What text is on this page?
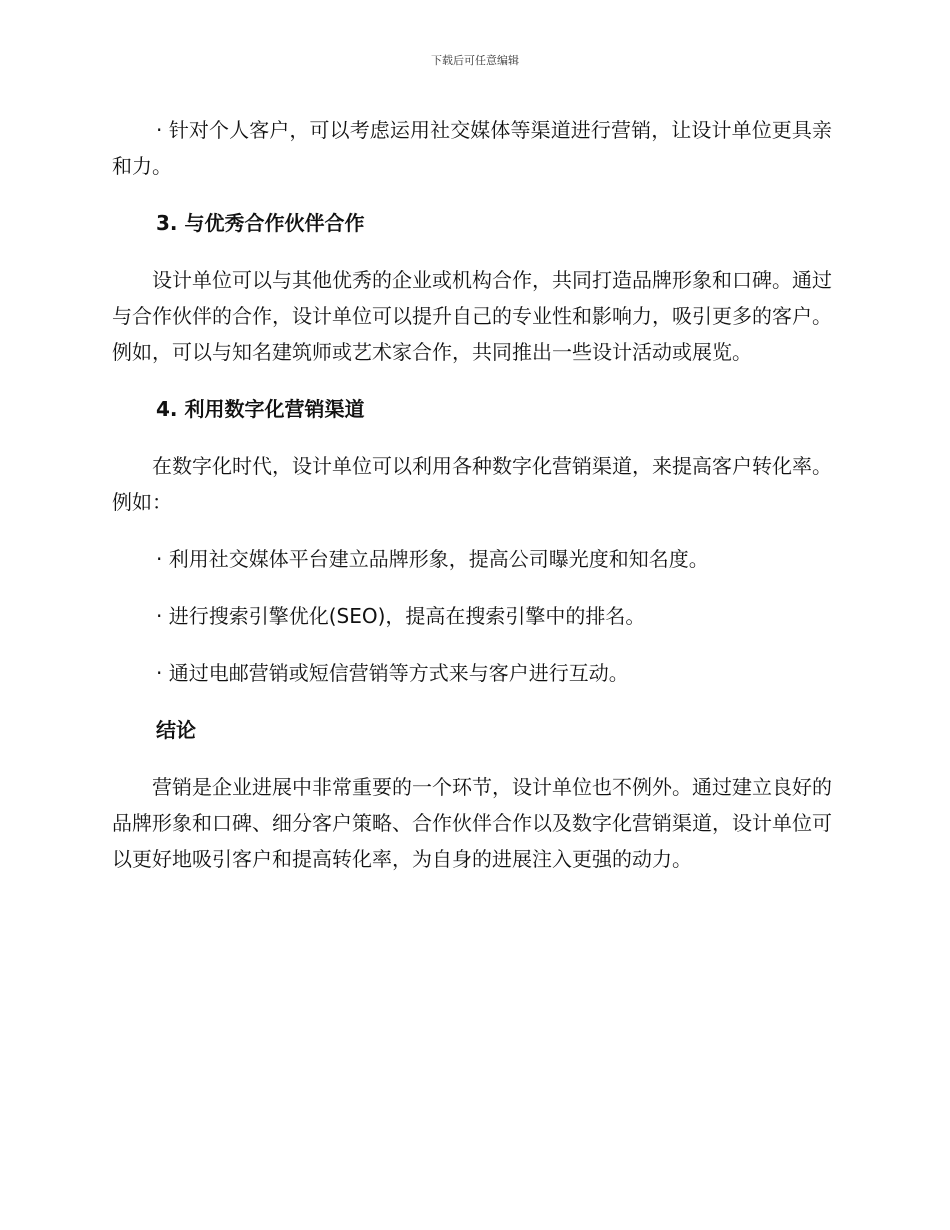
下载后可任意编辑

· 针对个人客户，可以考虑运用社交媒体等渠道进行营销，让设计单位更具亲和力。

3. 与优秀合作伙伴合作

设计单位可以与其他优秀的企业或机构合作，共同打造品牌形象和口碑。通过与合作伙伴的合作，设计单位可以提升自己的专业性和影响力，吸引更多的客户。例如，可以与知名建筑师或艺术家合作，共同推出一些设计活动或展览。

4. 利用数字化营销渠道

在数字化时代，设计单位可以利用各种数字化营销渠道，来提高客户转化率。例如：

· 利用社交媒体平台建立品牌形象，提高公司曝光度和知名度。

· 进行搜索引擎优化(SEO)，提高在搜索引擎中的排名。

· 通过电邮营销或短信营销等方式来与客户进行互动。

结论

营销是企业进展中非常重要的一个环节，设计单位也不例外。通过建立良好的品牌形象和口碑、细分客户策略、合作伙伴合作以及数字化营销渠道，设计单位可以更好地吸引客户和提高转化率，为自身的进展注入更强的动力。
